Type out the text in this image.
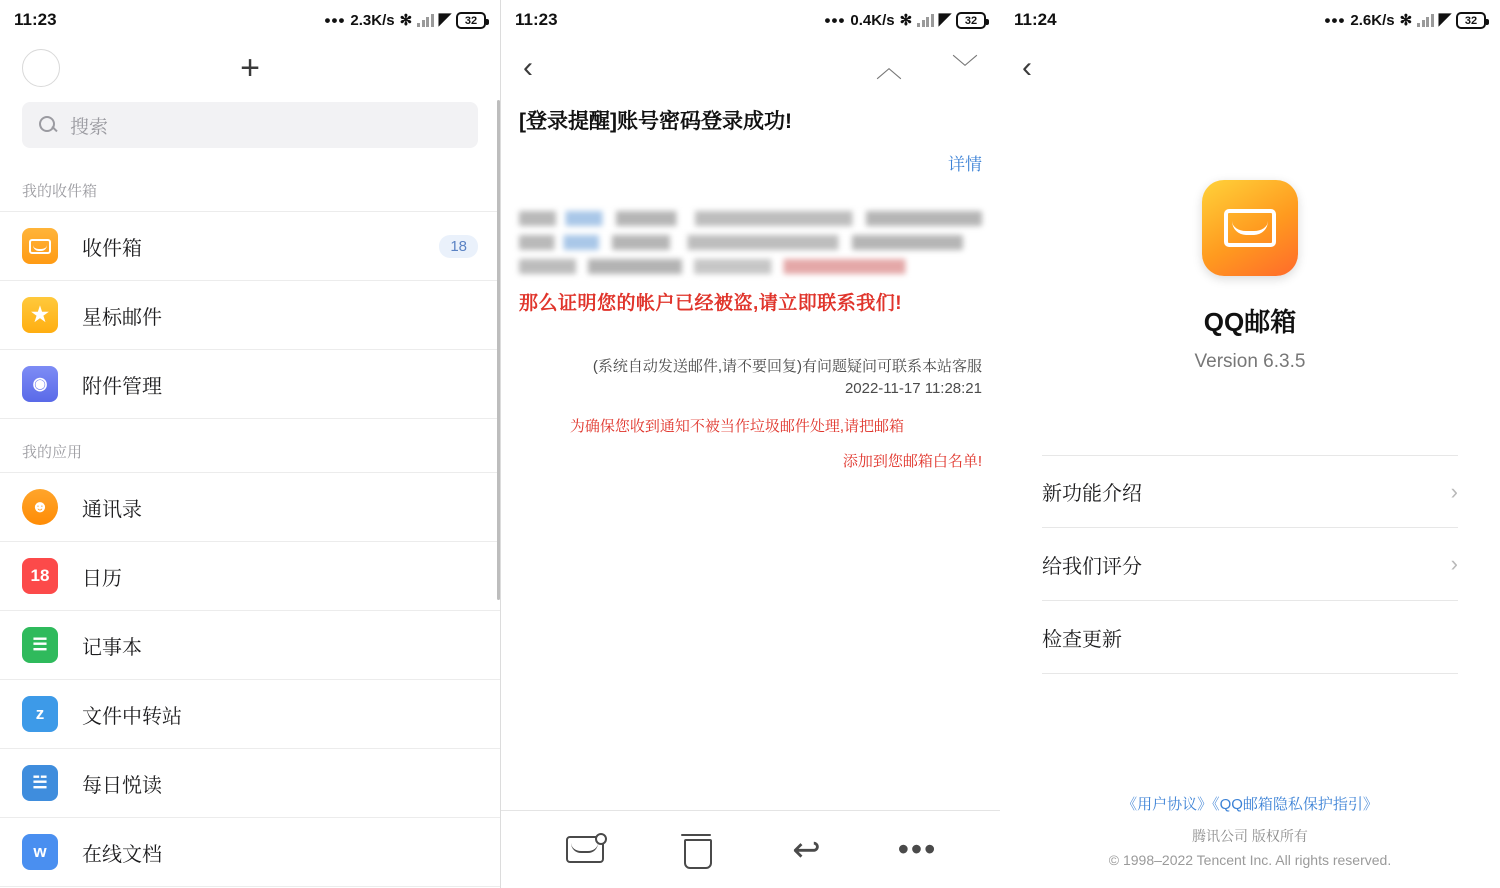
11:23	••• 2.3K/s ✻ ◤	32
+
搜索
我的收件箱
收件箱	18
★ 星标邮件
◉ 附件管理
我的应用
☻	通讯录
18	日历
☰	记事本
z	文件中转站
☱	每日悦读
w	在线文档
11:23	••• 0.4K/s ✻ ◤	32
‹	︿ ﹀
[登录提醒]账号密码登录成功!
详情
那么证明您的帐户已经被盗,请立即联系我们!
(系统自动发送邮件,请不要回复)有问题疑问可联系本站客服
2022-11-17 11:28:21
为确保您收到通知不被当作垃圾邮件处理,请把邮箱
添加到您邮箱白名单!
↩ •••
11:24	••• 2.6K/s ✻ ◤	32
‹
QQ邮箱
Version 6.3.5
新功能介绍	›
给我们评分	›
检查更新
《用户协议》《QQ邮箱隐私保护指引》
腾讯公司 版权所有
© 1998–2022 Tencent Inc. All rights reserved.
